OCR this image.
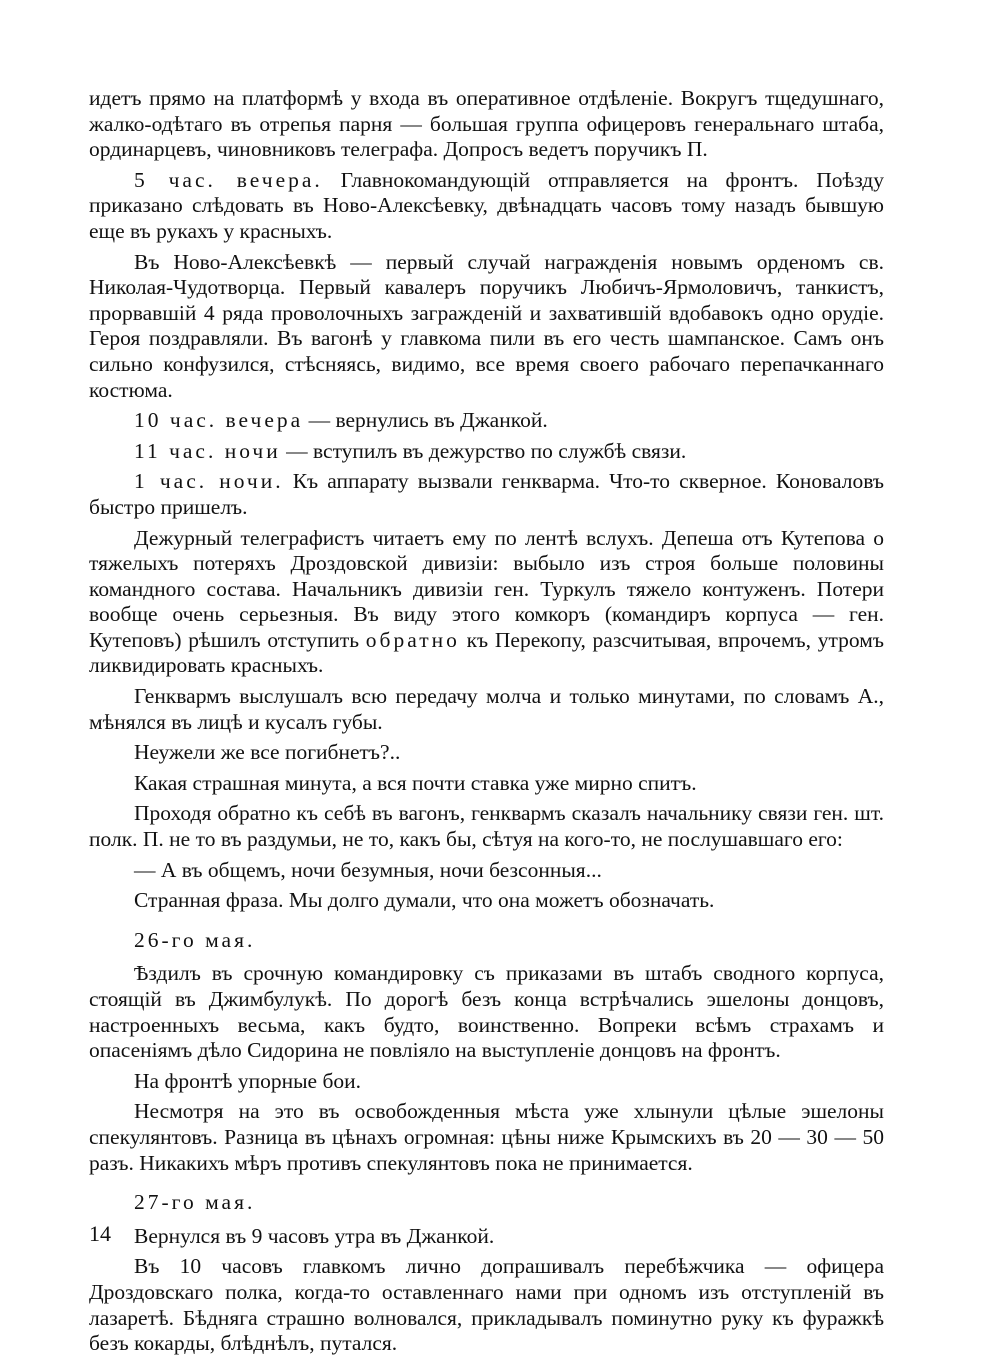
идетъ прямо на платформѣ у входа въ оперативное отдѣленіе. Вокругъ тщедушнаго, жалко-одѣтаго въ отрепья парня — большая группа офицеровъ генеральнаго штаба, ординарцевъ, чиновниковъ телеграфа. Допросъ ведетъ поручикъ П.

5 час. вечера. Главнокомандующій отправляется на фронтъ. Поѣзду приказано слѣдовать въ Ново-Алексѣевку, двѣнадцать часовъ тому назадъ бывшую еще въ рукахъ у красныхъ.

Въ Ново-Алексѣевкѣ — первый случай награжденія новымъ орденомъ св. Николая-Чудотворца. Первый кавалеръ поручикъ Любичъ-Ярмоловичъ, танкистъ, прорвавшій 4 ряда проволочныхъ загражденій и захватившій вдобавокъ одно орудіе. Героя поздравляли. Въ вагонѣ у главкома пили въ его честь шампанское. Самъ онъ сильно конфузился, стѣсняясь, видимо, все время своего рабочаго перепачканнаго костюма.

10 час. вечера — вернулись въ Джанкой.

11 час. ночи — вступилъ въ дежурство по службѣ связи.

1 час. ночи. Къ аппарату вызвали генкварма. Что-то скверное. Коноваловъ быстро пришелъ.

Дежурный телеграфистъ читаетъ ему по лентѣ вслухъ. Депеша отъ Кутепова о тяжелыхъ потеряхъ Дроздовской дивизіи: выбыло изъ строя больше половины командного состава. Начальникъ дивизіи ген. Туркулъ тяжело контуженъ. Потери вообще очень серьезныя. Въ виду этого комкоръ (командиръ корпуса — ген. Кутеповъ) рѣшилъ отступить обратно къ Перекопу, разсчитывая, впрочемъ, утромъ ликвидировать красныхъ.

Генквармъ выслушалъ всю передачу молча и только минутами, по словамъ А., мѣнялся въ лицѣ и кусалъ губы.

Неужели же все погибнетъ?..

Какая страшная минута, а вся почти ставка уже мирно спитъ.

Проходя обратно къ себѣ въ вагонъ, генквармъ сказалъ начальнику связи ген. шт. полк. П. не то въ раздумьи, не то, какъ бы, сѣтуя на кого-то, не послушавшаго его:

— А въ общемъ, ночи безумныя, ночи безсонныя...

Странная фраза. Мы долго думали, что она можетъ обозначать.

26-го мая.

Ѣздилъ въ срочную командировку съ приказами въ штабъ сводного корпуса, стоящій въ Джимбулукѣ. По дорогѣ безъ конца встрѣчались эшелоны донцовъ, настроенныхъ весьма, какъ будто, воинственно. Вопреки всѣмъ страхамъ и опасеніямъ дѣло Сидорина не повліяло на выступленіе донцовъ на фронтъ.

На фронтѣ упорные бои.

Несмотря на это въ освобожденныя мѣста уже хлынули цѣлые эшелоны спекулянтовъ. Разница въ цѣнахъ огромная: цѣны ниже Крымскихъ въ 20 — 30 — 50 разъ. Никакихъ мѣръ противъ спекулянтовъ пока не принимается.

27-го мая.

Вернулся въ 9 часовъ утра въ Джанкой.

Въ 10 часовъ главкомъ лично допрашивалъ перебѣжчика — офицера Дроздовскаго полка, когда-то оставленнаго нами при одномъ изъ отступленій въ лазаретѣ. Бѣдняга страшно волновался, прикладывалъ поминутно руку къ фуражкѣ безъ кокарды, блѣднѣлъ, путался.

14
